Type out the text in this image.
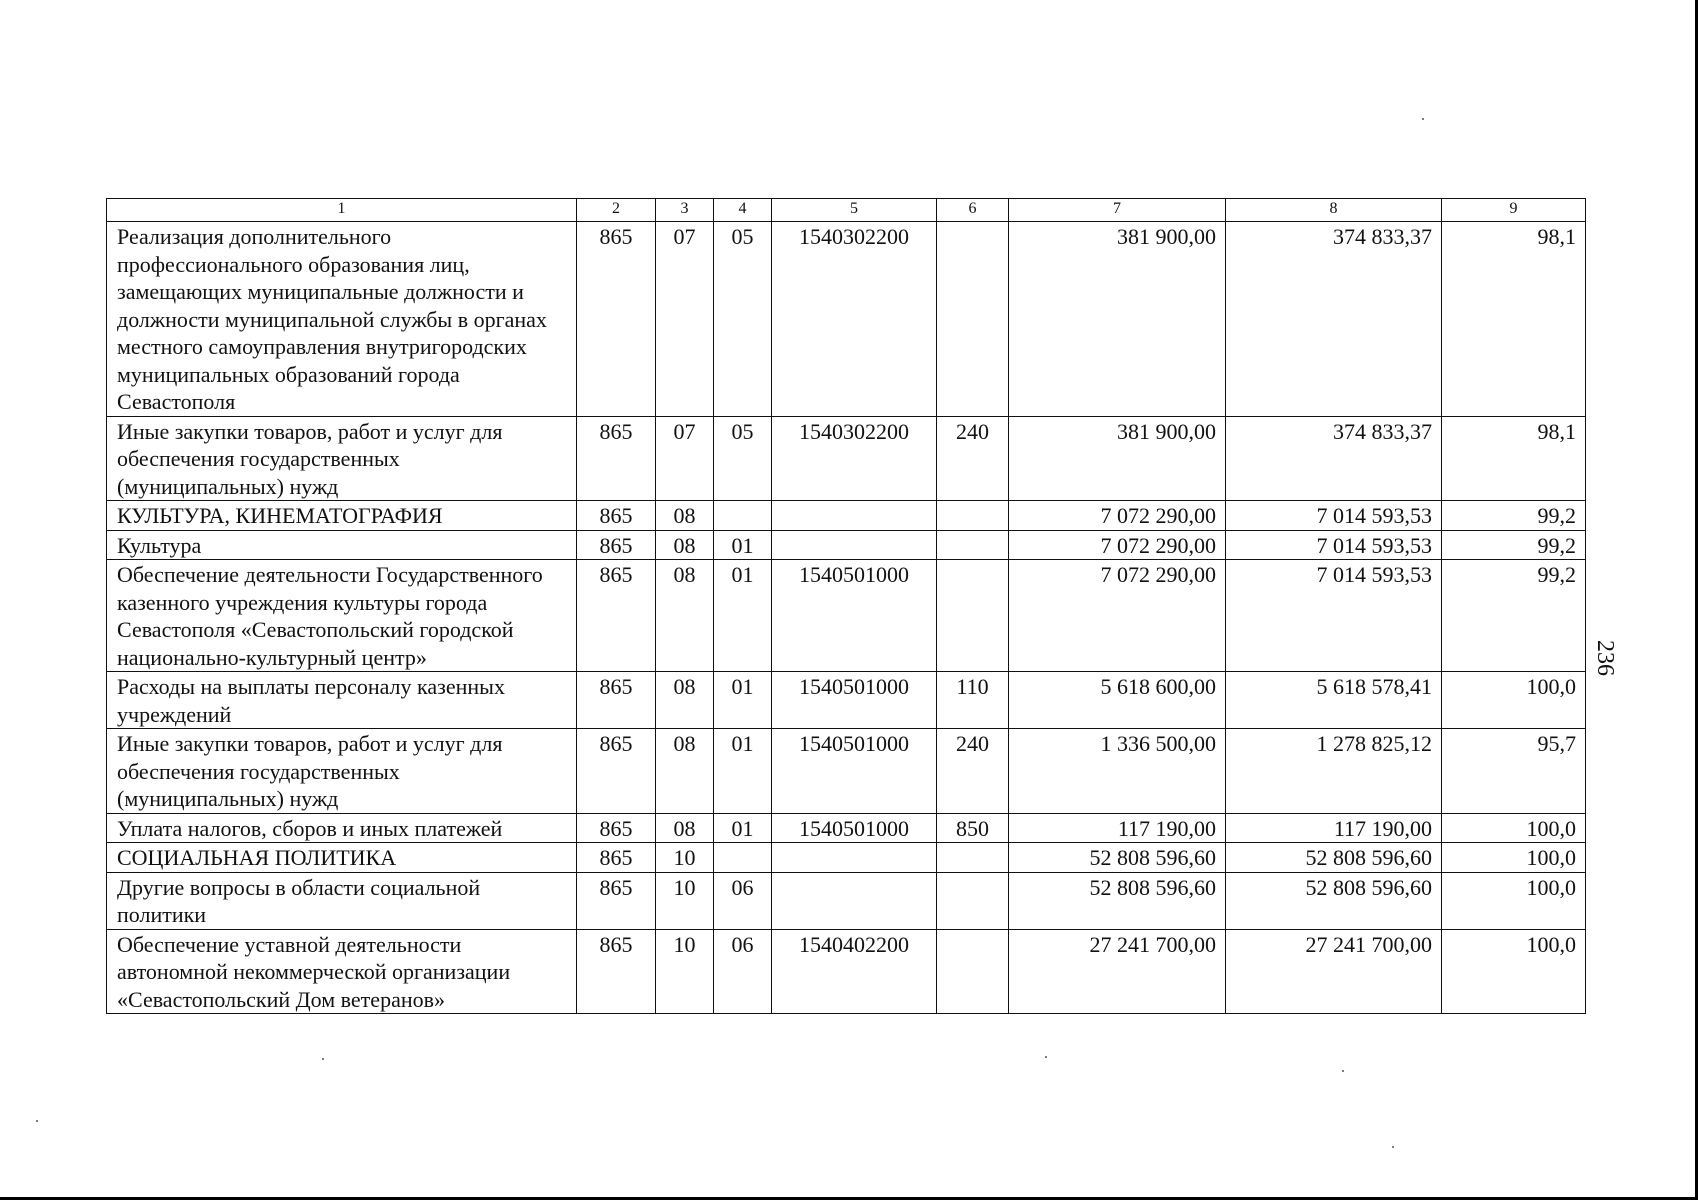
1	2	3	4	5	6	7	8	9
Реализация дополнительного профессионального образования лиц, замещающих муниципальные должности и должности муниципальной службы в органах местного самоуправления внутригородских муниципальных образований города Севастополя	865	07	05	1540302200		381 900,00	374 833,37	98,1
Иные закупки товаров, работ и услуг для обеспечения государственных (муниципальных) нужд	865	07	05	1540302200	240	381 900,00	374 833,37	98,1
КУЛЬТУРА, КИНЕМАТОГРАФИЯ	865	08				7 072 290,00	7 014 593,53	99,2
Культура	865	08	01			7 072 290,00	7 014 593,53	99,2
Обеспечение деятельности Государственного казенного учреждения культуры города Севастополя «Севастопольский городской национально-культурный центр»	865	08	01	1540501000		7 072 290,00	7 014 593,53	99,2
Расходы на выплаты персоналу казенных учреждений	865	08	01	1540501000	110	5 618 600,00	5 618 578,41	100,0
Иные закупки товаров, работ и услуг для обеспечения государственных (муниципальных) нужд	865	08	01	1540501000	240	1 336 500,00	1 278 825,12	95,7
Уплата налогов, сборов и иных платежей	865	08	01	1540501000	850	117 190,00	117 190,00	100,0
СОЦИАЛЬНАЯ ПОЛИТИКА	865	10				52 808 596,60	52 808 596,60	100,0
Другие вопросы в области социальной политики	865	10	06			52 808 596,60	52 808 596,60	100,0
Обеспечение уставной деятельности автономной некоммерческой организации «Севастопольский Дом ветеранов»	865	10	06	1540402200		27 241 700,00	27 241 700,00	100,0
236
